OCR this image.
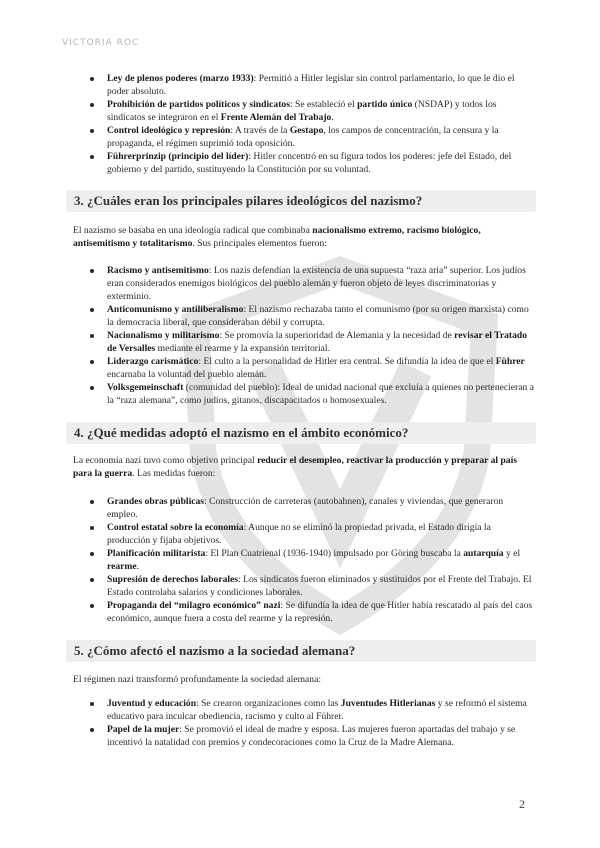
VICTORIA ROC
Ley de plenos poderes (marzo 1933): Permitió a Hitler legislar sin control parlamentario, lo que le dio el poder absoluto.
Prohibición de partidos políticos y sindicatos: Se estableció el partido único (NSDAP) y todos los sindicatos se integraron en el Frente Alemán del Trabajo.
Control ideológico y represión: A través de la Gestapo, los campos de concentración, la censura y la propaganda, el régimen suprimió toda oposición.
Führerprinzip (principio del líder): Hitler concentró en su figura todos los poderes: jefe del Estado, del gobierno y del partido, sustituyendo la Constitución por su voluntad.
3. ¿Cuáles eran los principales pilares ideológicos del nazismo?
El nazismo se basaba en una ideología radical que combinaba nacionalismo extremo, racismo biológico, antisemitismo y totalitarismo. Sus principales elementos fueron:
Racismo y antisemitismo: Los nazis defendían la existencia de una supuesta “raza aria” superior. Los judíos eran considerados enemigos biológicos del pueblo alemán y fueron objeto de leyes discriminatorias y exterminio.
Anticomunismo y antiliberalismo: El nazismo rechazaba tanto el comunismo (por su origen marxista) como la democracia liberal, que consideraban débil y corrupta.
Nacionalismo y militarismo: Se promovía la superioridad de Alemania y la necesidad de revisar el Tratado de Versalles mediante el rearme y la expansión territorial.
Liderazgo carismático: El culto a la personalidad de Hitler era central. Se difundía la idea de que el Führer encarnaba la voluntad del pueblo alemán.
Volksgemeinschaft (comunidad del pueblo): Ideal de unidad nacional que excluía a quienes no pertenecieran a la “raza alemana”, como judíos, gitanos, discapacitados o homosexuales.
4. ¿Qué medidas adoptó el nazismo en el ámbito económico?
La economía nazi tuvo como objetivo principal reducir el desempleo, reactivar la producción y preparar al país para la guerra. Las medidas fueron:
Grandes obras públicas: Construcción de carreteras (autobahnen), canales y viviendas, que generaron empleo.
Control estatal sobre la economía: Aunque no se eliminó la propiedad privada, el Estado dirigía la producción y fijaba objetivos.
Planificación militarista: El Plan Cuatrienal (1936-1940) impulsado por Göring buscaba la autarquía y el rearme.
Supresión de derechos laborales: Los sindicatos fueron eliminados y sustituidos por el Frente del Trabajo. El Estado controlaba salarios y condiciones laborales.
Propaganda del “milagro económico” nazi: Se difundía la idea de que Hitler había rescatado al país del caos económico, aunque fuera a costa del rearme y la represión.
5. ¿Cómo afectó el nazismo a la sociedad alemana?
El régimen nazi transformó profundamente la sociedad alemana:
Juventud y educación: Se crearon organizaciones como las Juventudes Hitlerianas y se reformó el sistema educativo para inculcar obediencia, racismo y culto al Führer.
Papel de la mujer: Se promovió el ideal de madre y esposa. Las mujeres fueron apartadas del trabajo y se incentivó la natalidad con premios y condecoraciones como la Cruz de la Madre Alemana.
2
